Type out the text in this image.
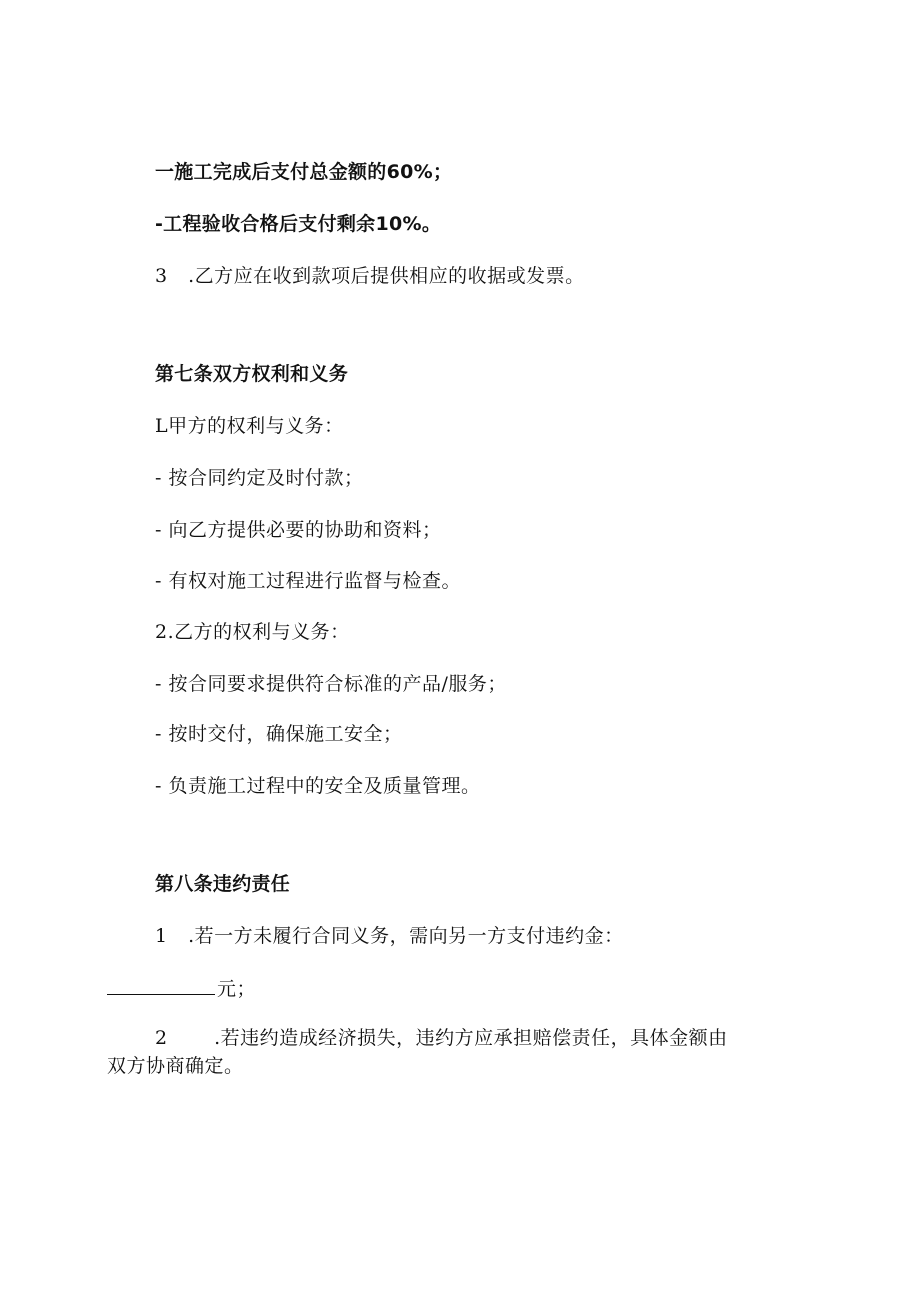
一施工完成后支付总金额的60%；
-工程验收合格后支付剩余10%。
3 .乙方应在收到款项后提供相应的收据或发票。
第七条双方权利和义务
L甲方的权利与义务：
- 按合同约定及时付款；
- 向乙方提供必要的协助和资料；
- 有权对施工过程进行监督与检查。
2.乙方的权利与义务：
- 按合同要求提供符合标准的产品/服务；
- 按时交付，确保施工安全；
- 负责施工过程中的安全及质量管理。
第八条违约责任
1 .若一方未履行合同义务，需向另一方支付违约金：
元；
2 .若违约造成经济损失，违约方应承担赔偿责任，具体金额由
双方协商确定。
